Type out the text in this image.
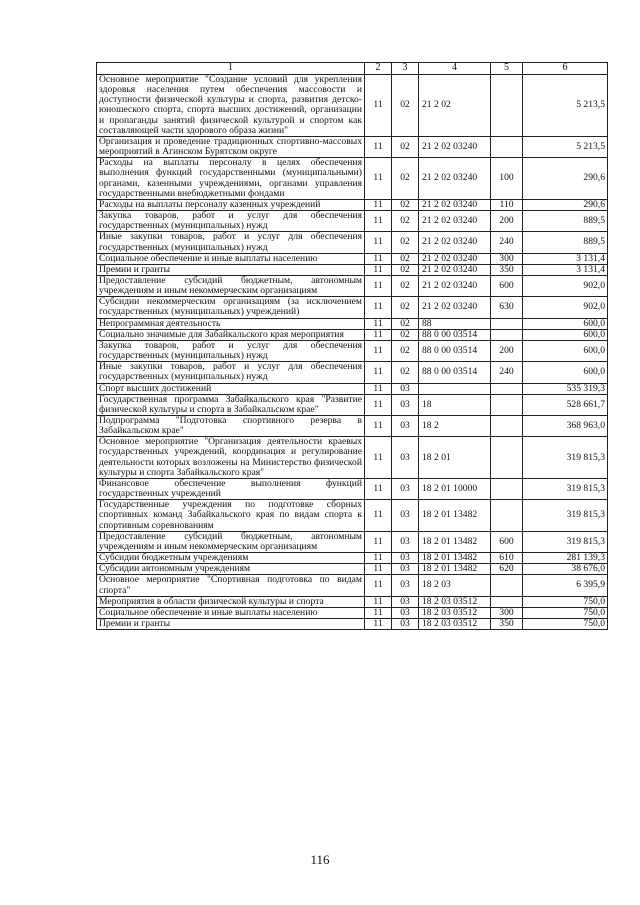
1	2	3	4	5	6
Основное мероприятие "Создание условий для укрепления здоровья населения путем обеспечения массовости и доступности физической культуры и спорта, развития детско-юношеского спорта, спорта высших достижений, организации и пропаганды занятий физической культурой и спортом как составляющей части здорового образа жизни"	11	02	21 2 02		5 213,5
Организация и проведение традиционных спортивно-массовых мероприятий в Агинском Бурятском округе	11	02	21 2 02 03240		5 213,5
Расходы на выплаты персоналу в целях обеспечения выполнения функций государственными (муниципальными) органами, казенными учреждениями, органами управления государственными внебюджетными фондами	11	02	21 2 02 03240	100	290,6
Расходы на выплаты персоналу казенных учреждений	11	02	21 2 02 03240	110	290,6
Закупка товаров, работ и услуг для обеспечения государственных (муниципальных) нужд	11	02	21 2 02 03240	200	889,5
Иные закупки товаров, работ и услуг для обеспечения государственных (муниципальных) нужд	11	02	21 2 02 03240	240	889,5
Социальное обеспечение и иные выплаты населению	11	02	21 2 02 03240	300	3 131,4
Премии и гранты	11	02	21 2 02 03240	350	3 131,4
Предоставление субсидий бюджетным, автономным учреждениям и иным некоммерческим организациям	11	02	21 2 02 03240	600	902,0
Субсидии некоммерческим организациям (за исключением государственных (муниципальных) учреждений)	11	02	21 2 02 03240	630	902,0
Непрограммная деятельность	11	02	88		600,0
Социально значимые для Забайкальского края мероприятия	11	02	88 0 00 03514		600,0
Закупка товаров, работ и услуг для обеспечения государственных (муниципальных) нужд	11	02	88 0 00 03514	200	600,0
Иные закупки товаров, работ и услуг для обеспечения государственных (муниципальных) нужд	11	02	88 0 00 03514	240	600,0
Спорт высших достижений	11	03			535 319,3
Государственная программа Забайкальского края "Развитие физической культуры и спорта в Забайкальском крае"	11	03	18		528 661,7
Подпрограмма "Подготовка спортивного резерва в Забайкальском крае"	11	03	18 2		368 963,0
Основное мероприятие "Организация деятельности краевых государственных учреждений, координация и регулирование деятельности которых возложены на Министерство физической культуры и спорта Забайкальского края"	11	03	18 2 01		319 815,3
Финансовое обеспечение выполнения функций государственных учреждений	11	03	18 2 01 10000		319 815,3
Государственные учреждения по подготовке сборных спортивных команд Забайкальского края по видам спорта к спортивным соревнованиям	11	03	18 2 01 13482		319 815,3
Предоставление субсидий бюджетным, автономным учреждениям и иным некоммерческим организациям	11	03	18 2 01 13482	600	319 815,3
Субсидии бюджетным учреждениям	11	03	18 2 01 13482	610	281 139,3
Субсидии автономным учреждениям	11	03	18 2 01 13482	620	38 676,0
Основное мероприятие "Спортивная подготовка по видам спорта"	11	03	18 2 03		6 395,9
Мероприятия в области физической культуры и спорта	11	03	18 2 03 03512		750,0
Социальное обеспечение и иные выплаты населению	11	03	18 2 03 03512	300	750,0
Премии и гранты	11	03	18 2 03 03512	350	750,0
116
